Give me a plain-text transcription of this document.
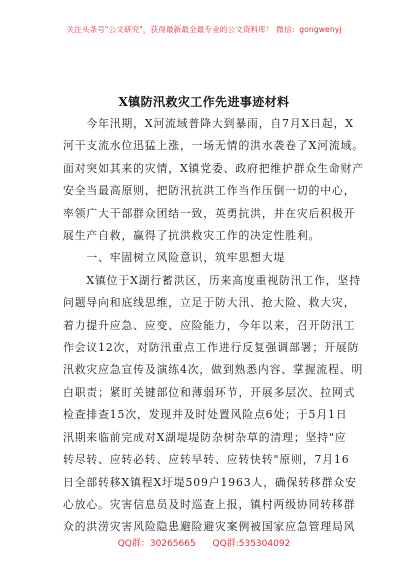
关注头条号"公文研究"，获得最新最全最专业的公文资料库！ 微信：gongwenyj
X镇防汛救灾工作先进事迹材料

　　今年汛期，X河流域普降大到暴雨，自7月X日起，X

河干支流水位迅猛上涨，一场无情的洪水袭卷了X河流域。

面对突如其来的灾情，X镇党委、政府把维护群众生命财产

安全当最高原则，把防汛抗洪工作当作压倒一切的中心，

率领广大干部群众团结一致，英勇抗洪，并在灾后积极开

展生产自救，赢得了抗洪救灾工作的决定性胜利。

　　一、牢固树立风险意识，筑牢思想大堤

　　X镇位于X湖行蓄洪区，历来高度重视防汛工作，坚持

问题导向和底线思维，立足于防大汛、抢大险、救大灾，

着力提升应急、应变、应险能力，今年以来，召开防汛工

作会议12次，对防汛重点工作进行反复强调部署；开展防

汛救灾应急宣传及演练4次，做到熟悉内容、掌握流程、明

白职责；紧盯关键部位和薄弱环节，开展多层次、拉网式

检查排查15次，发现并及时处置风险点6处；于5月1日

汛期来临前完成对X湖堤堤防杂树杂草的清理；坚持"应

转尽转、应转必转、应转早转、应转快转"原则，7月16

日全部转移X镇程X圩堤509户1963人，确保转移群众安

心放心。灾害信息员及时巡查上报，镇村两级协同转移群

众的洪涝灾害风险隐患避险避灾案例被国家应急管理局风

QQ群：30265665 QQ群:535304092
